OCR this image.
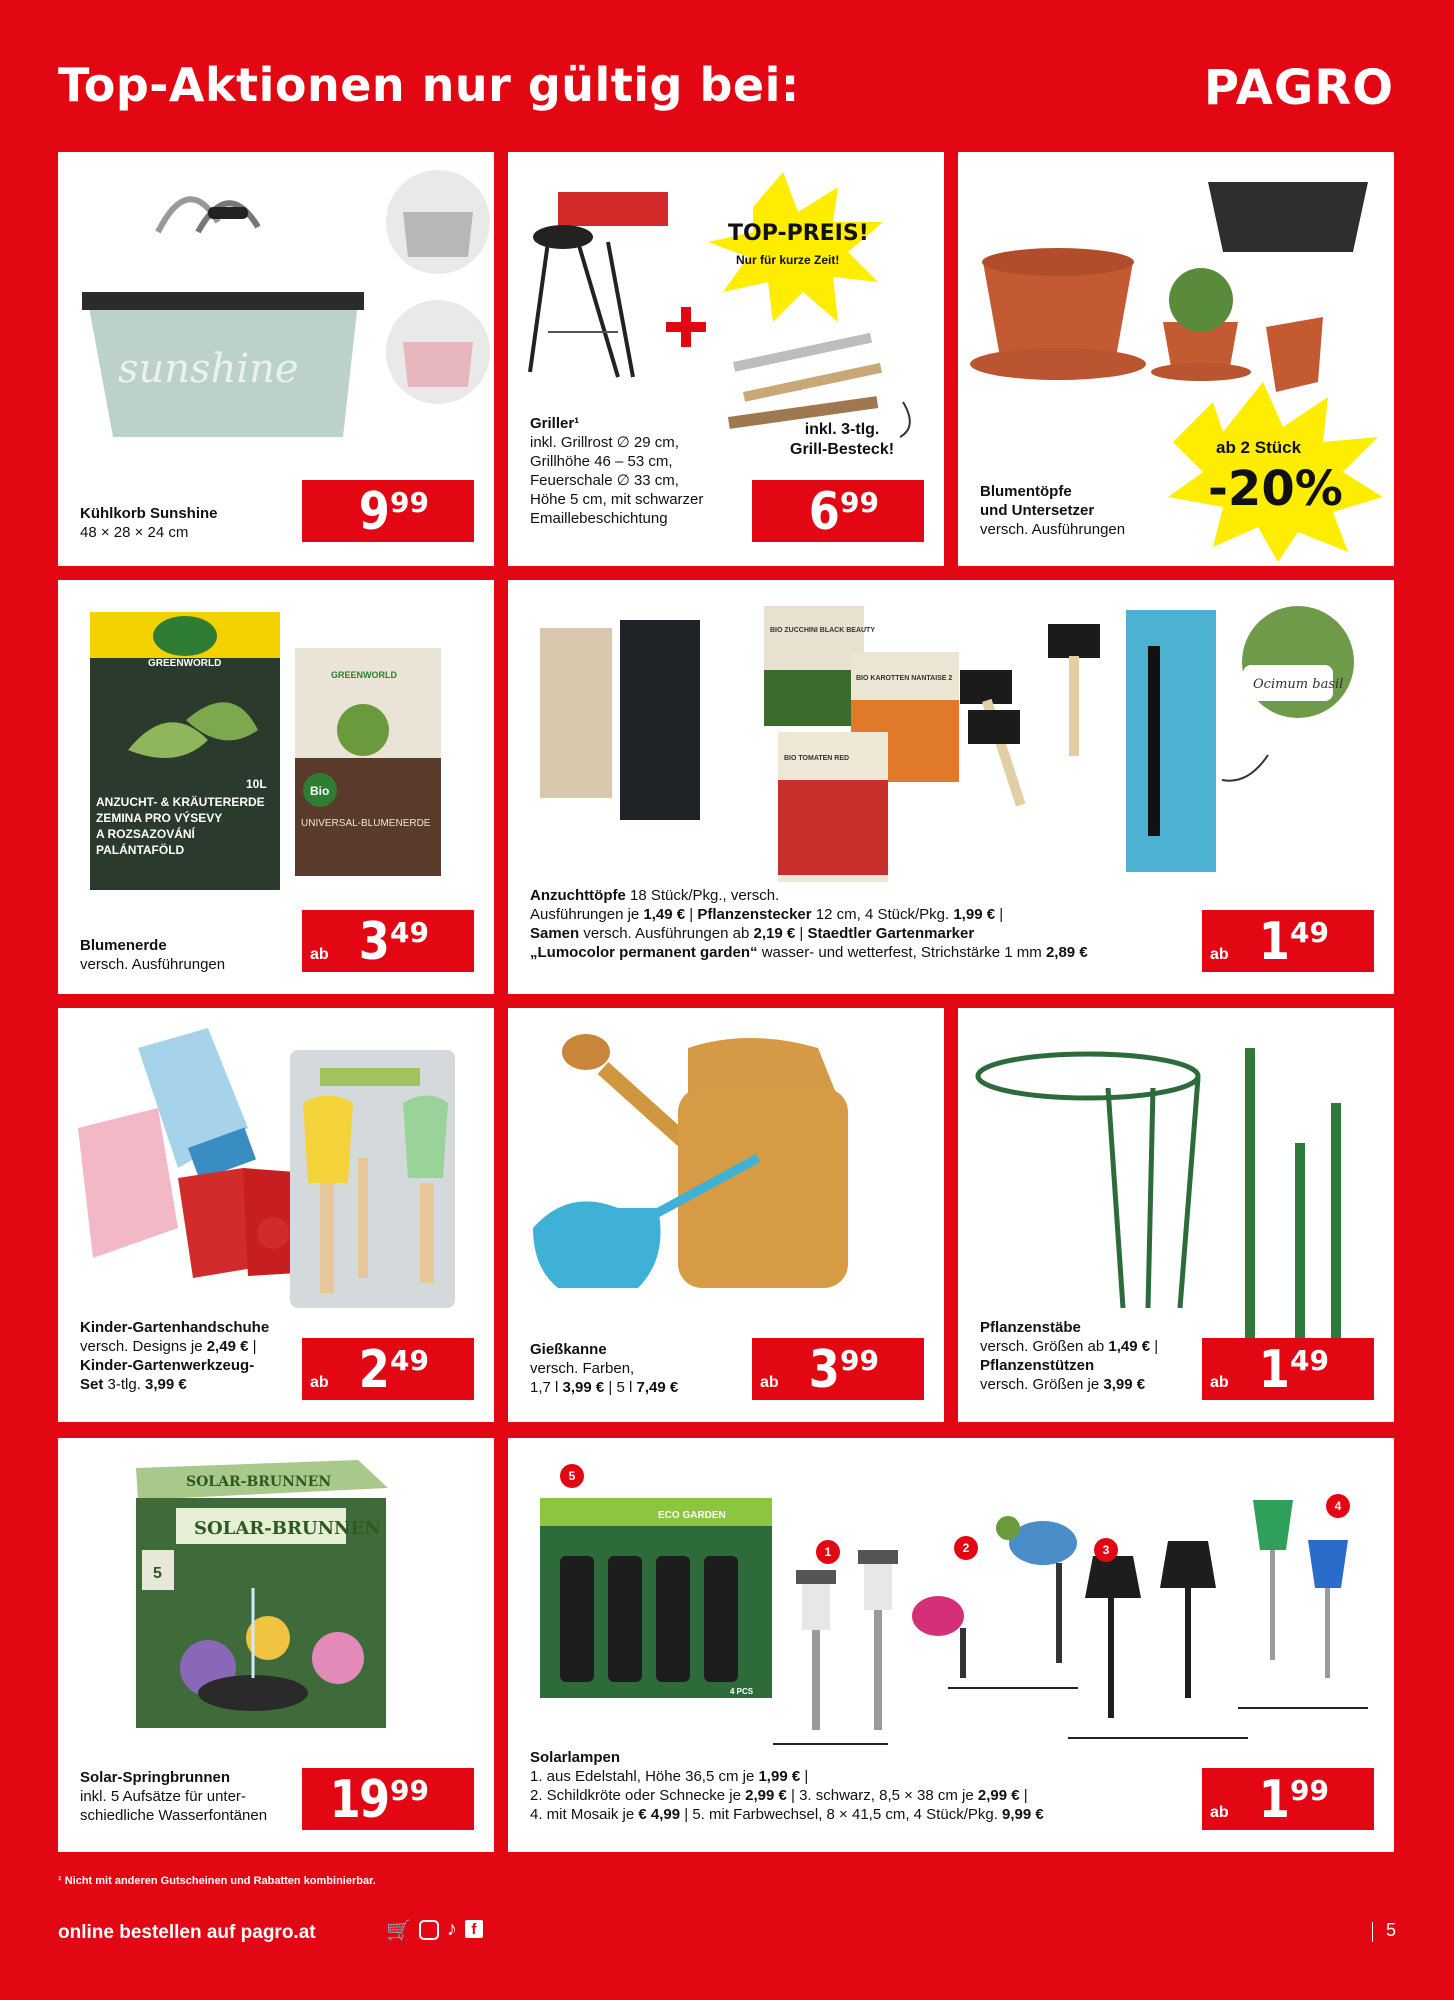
Top-Aktionen nur gültig bei:	PAGRO
sunshine
Kühlkorb Sunshine
48 × 28 × 24 cm	9 99
TOP-PREIS!
Nur für kurze Zeit!
inkl. 3-tlg.
Grill-Besteck!
Griller¹
inkl. Grillrost ∅ 29 cm,
Grillhöhe 46 – 53 cm,
Feuerschale ∅ 33 cm,
Höhe 5 cm, mit schwarzer
Emaillebeschichtung	6 99
ab 2 Stück
-20%
Blumentöpfe
und Untersetzer
versch. Ausführungen
GREENWORLD
10L
ANZUCHT- & KRÄUTERERDE
ZEMINA PRO VÝSEVY
A ROZSAZOVÁNÍ
PALÁNTAFÖLD
GREENWORLD
Bio
UNIVERSAL-BLUMENERDE
Blumenerde
versch. Ausführungen
ab 3 49
BIO ZUCCHINI BLACK BEAUTY
BIO KAROTTEN NANTAISE 2
BIO TOMATEN RED
Ocimum basil
Anzuchttöpfe 18 Stück/Pkg., versch.
Ausführungen je 1,49 € | Pflanzenstecker 12 cm, 4 Stück/Pkg. 1,99 € |
Samen versch. Ausführungen ab 2,19 € | Staedtler Gartenmarker
„Lumocolor permanent garden“ wasser- und wetterfest, Strichstärke 1 mm 2,89 €	ab 1 49
Kinder-Gartenhandschuhe
versch. Designs je 2,49 € |
Kinder-Gartenwerkzeug-
Set 3-tlg. 3,99 €	ab 2 49	Gießkanne
versch. Farben,
1,7 l 3,99 € | 5 l 7,49 €	ab 3 99
Pflanzenstäbe
versch. Größen ab 1,49 € |
Pflanzenstützen
versch. Größen je 3,99 €	ab 1 49
SOLAR-BRUNNEN
SOLAR-BRUNNEN
5
Solar-Springbrunnen
inkl. 5 Aufsätze für unter-
schiedliche Wasserfontänen 19 99
ECO GARDEN
4 PCS
5
1	2	3
4
Solarlampen
1. aus Edelstahl, Höhe 36,5 cm je 1,99 € |
2. Schildkröte oder Schnecke je 2,99 € | 3. schwarz, 8,5 × 38 cm je 2,99 € |
4. mit Mosaik je € 4,99 | 5. mit Farbwechsel, 8 × 41,5 cm, 4 Stück/Pkg. 9,99 €	ab 1 99
¹ Nicht mit anderen Gutscheinen und Rabatten kombinierbar.
online bestellen auf pagro.at	🛒 ♪ f	5
